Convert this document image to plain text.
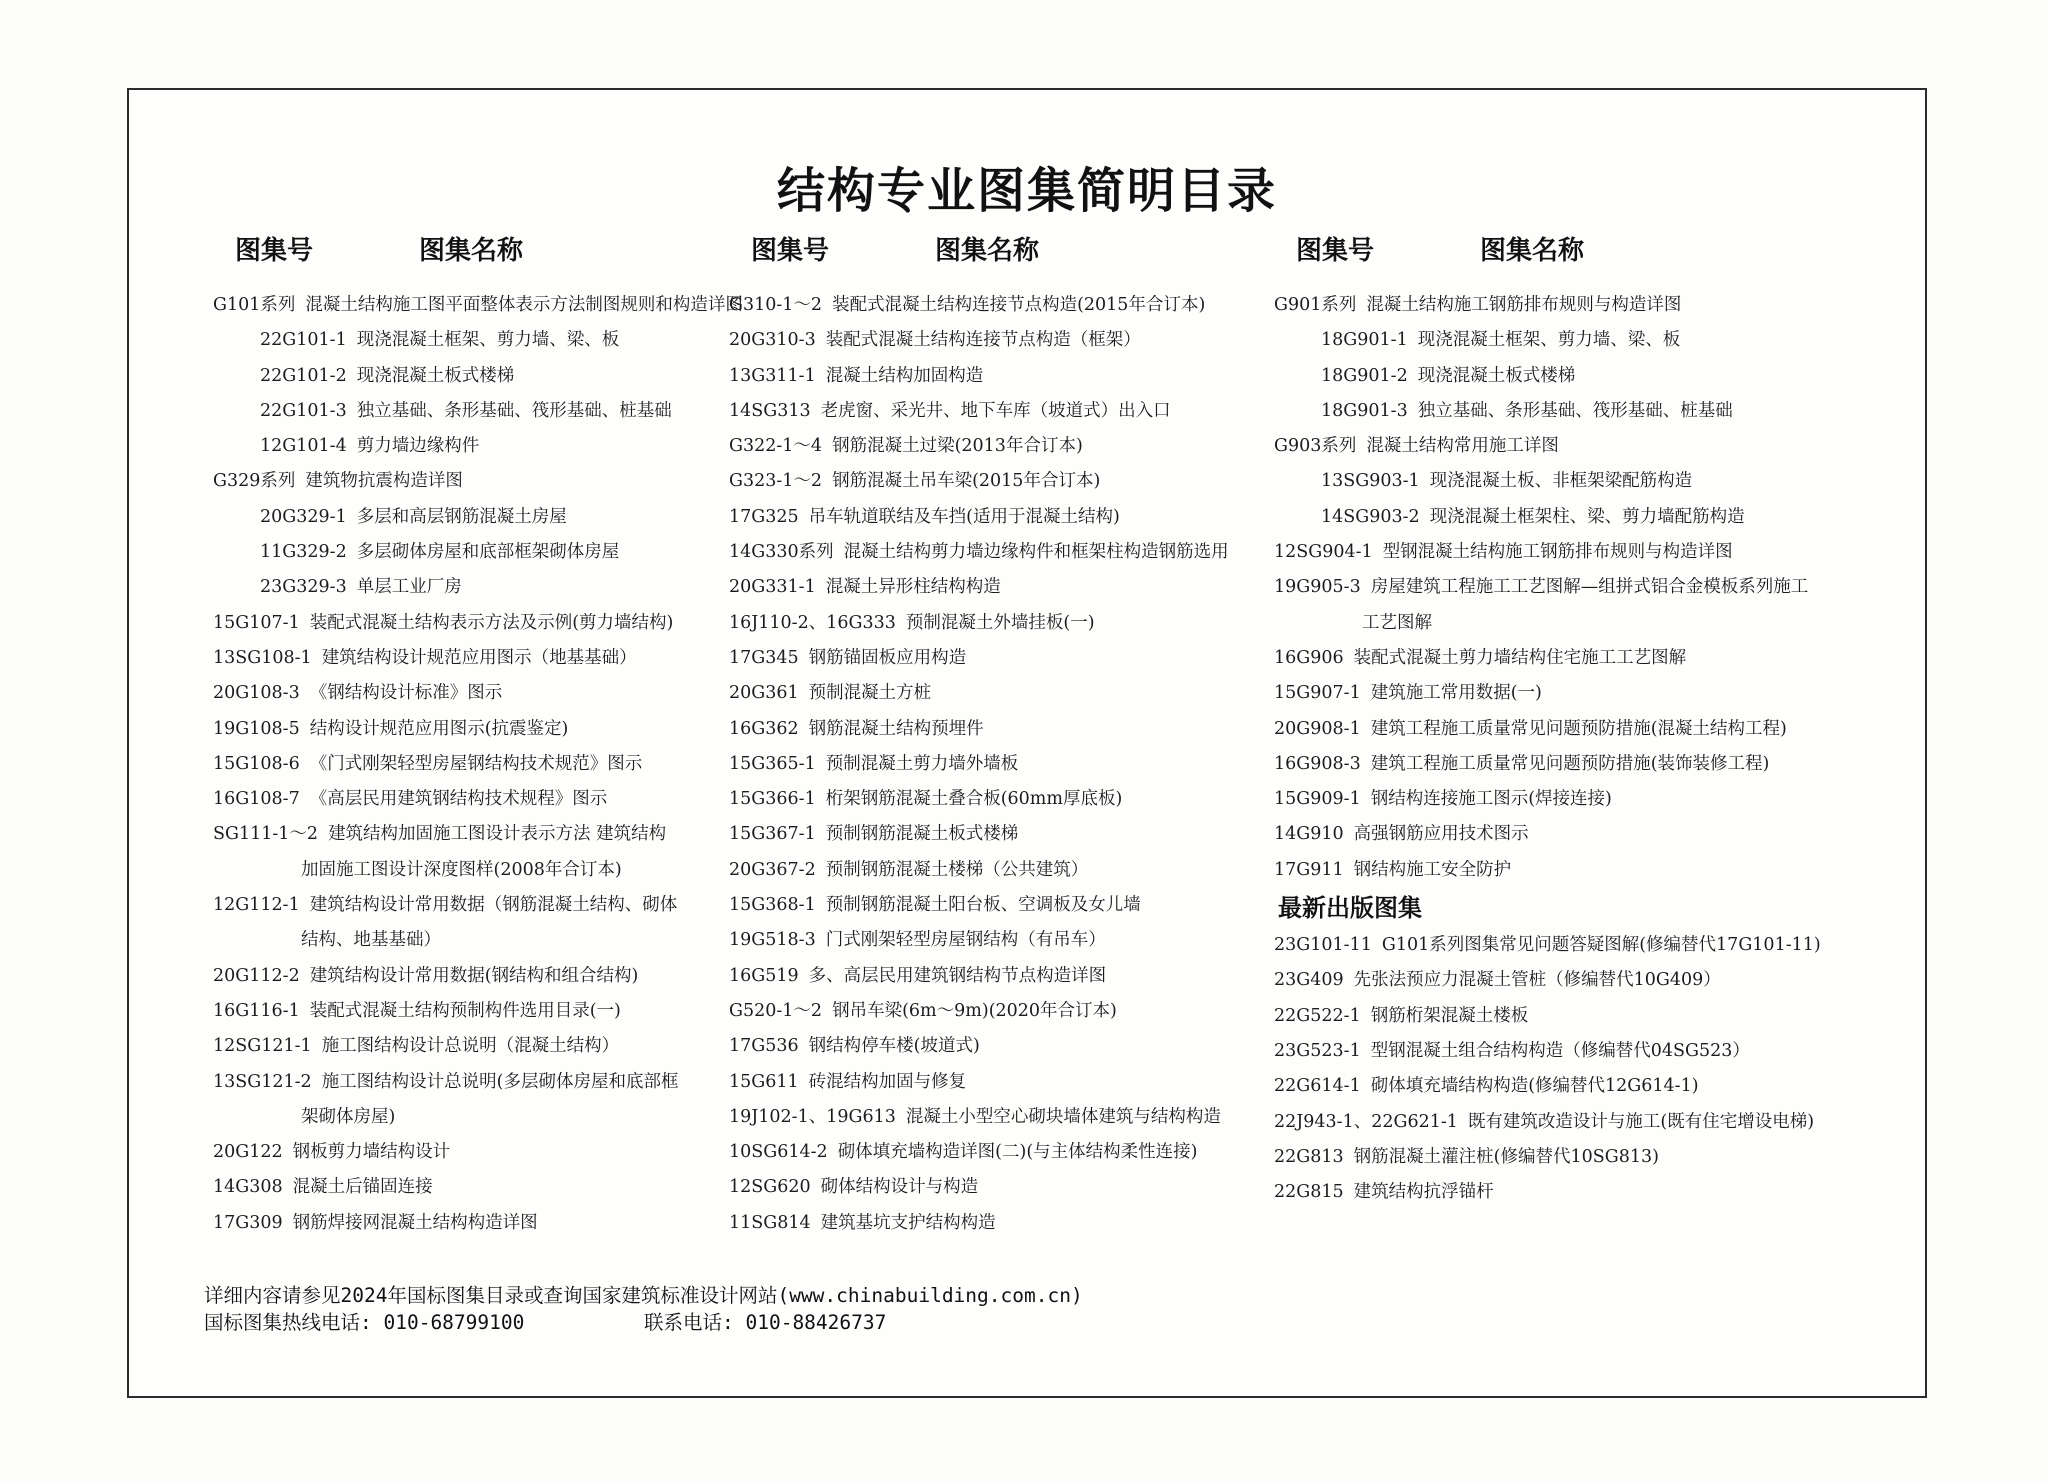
结构专业图集简明目录
图集号	图集名称
G101系列 混凝土结构施工图平面整体表示方法制图规则和构造详图
22G101-1 现浇混凝土框架、剪力墙、梁、板
22G101-2 现浇混凝土板式楼梯
22G101-3 独立基础、条形基础、筏形基础、桩基础
12G101-4 剪力墙边缘构件
G329系列 建筑物抗震构造详图
20G329-1 多层和高层钢筋混凝土房屋
11G329-2 多层砌体房屋和底部框架砌体房屋
23G329-3 单层工业厂房
15G107-1 装配式混凝土结构表示方法及示例(剪力墙结构)
13SG108-1 建筑结构设计规范应用图示（地基基础）
20G108-3 《钢结构设计标准》图示
19G108-5 结构设计规范应用图示(抗震鉴定)
15G108-6 《门式刚架轻型房屋钢结构技术规范》图示
16G108-7 《高层民用建筑钢结构技术规程》图示
SG111-1～2 建筑结构加固施工图设计表示方法 建筑结构
加固施工图设计深度图样(2008年合订本)
12G112-1 建筑结构设计常用数据（钢筋混凝土结构、砌体
结构、地基基础）
20G112-2 建筑结构设计常用数据(钢结构和组合结构)
16G116-1 装配式混凝土结构预制构件选用目录(一)
12SG121-1 施工图结构设计总说明（混凝土结构）
13SG121-2 施工图结构设计总说明(多层砌体房屋和底部框
架砌体房屋)
20G122 钢板剪力墙结构设计
14G308 混凝土后锚固连接
17G309 钢筋焊接网混凝土结构构造详图
图集号	图集名称
G310-1～2 装配式混凝土结构连接节点构造(2015年合订本)
20G310-3 装配式混凝土结构连接节点构造（框架）
13G311-1 混凝土结构加固构造
14SG313 老虎窗、采光井、地下车库（坡道式）出入口
G322-1～4 钢筋混凝土过梁(2013年合订本)
G323-1～2 钢筋混凝土吊车梁(2015年合订本)
17G325 吊车轨道联结及车挡(适用于混凝土结构)
14G330系列 混凝土结构剪力墙边缘构件和框架柱构造钢筋选用
20G331-1 混凝土异形柱结构构造
16J110-2、16G333 预制混凝土外墙挂板(一)
17G345 钢筋锚固板应用构造
20G361 预制混凝土方桩
16G362 钢筋混凝土结构预埋件
15G365-1 预制混凝土剪力墙外墙板
15G366-1 桁架钢筋混凝土叠合板(60mm厚底板)
15G367-1 预制钢筋混凝土板式楼梯
20G367-2 预制钢筋混凝土楼梯（公共建筑）
15G368-1 预制钢筋混凝土阳台板、空调板及女儿墙
19G518-3 门式刚架轻型房屋钢结构（有吊车）
16G519 多、高层民用建筑钢结构节点构造详图
G520-1～2 钢吊车梁(6m～9m)(2020年合订本)
17G536 钢结构停车楼(坡道式)
15G611 砖混结构加固与修复
19J102-1、19G613 混凝土小型空心砌块墙体建筑与结构构造
10SG614-2 砌体填充墙构造详图(二)(与主体结构柔性连接)
12SG620 砌体结构设计与构造
11SG814 建筑基坑支护结构构造
图集号	图集名称
G901系列 混凝土结构施工钢筋排布规则与构造详图
18G901-1 现浇混凝土框架、剪力墙、梁、板
18G901-2 现浇混凝土板式楼梯
18G901-3 独立基础、条形基础、筏形基础、桩基础
G903系列 混凝土结构常用施工详图
13SG903-1 现浇混凝土板、非框架梁配筋构造
14SG903-2 现浇混凝土框架柱、梁、剪力墙配筋构造
12SG904-1 型钢混凝土结构施工钢筋排布规则与构造详图
19G905-3 房屋建筑工程施工工艺图解—组拼式铝合金模板系列施工
工艺图解
16G906 装配式混凝土剪力墙结构住宅施工工艺图解
15G907-1 建筑施工常用数据(一)
20G908-1 建筑工程施工质量常见问题预防措施(混凝土结构工程)
16G908-3 建筑工程施工质量常见问题预防措施(装饰装修工程)
15G909-1 钢结构连接施工图示(焊接连接)
14G910 高强钢筋应用技术图示
17G911 钢结构施工安全防护
最新出版图集
23G101-11 G101系列图集常见问题答疑图解(修编替代17G101-11)
23G409 先张法预应力混凝土管桩（修编替代10G409）
22G522-1 钢筋桁架混凝土楼板
23G523-1 型钢混凝土组合结构构造（修编替代04SG523）
22G614-1 砌体填充墙结构构造(修编替代12G614-1)
22J943-1、22G621-1 既有建筑改造设计与施工(既有住宅增设电梯)
22G813 钢筋混凝土灌注桩(修编替代10SG813)
22G815 建筑结构抗浮锚杆
详细内容请参见2024年国标图集目录或查询国家建筑标准设计网站(www.chinabuilding.com.cn)
国标图集热线电话: 010-68799100	联系电话: 010-88426737
